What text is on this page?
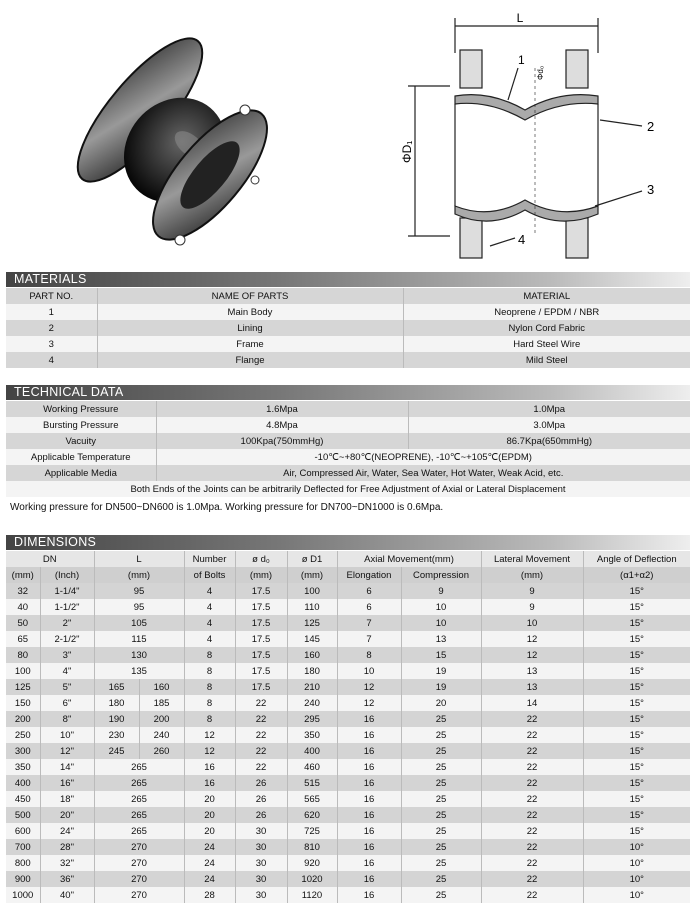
L
Φd₀
ΦD₁
1
2
3
4
MATERIALS
PART NO.	NAME OF PARTS	MATERIAL
1	Main Body	Neoprene / EPDM / NBR
2	Lining	Nylon Cord Fabric
3	Frame	Hard Steel Wire
4	Flange	Mild Steel
TECHNICAL DATA
Working Pressure	1.6Mpa	1.0Mpa
Bursting Pressure	4.8Mpa	3.0Mpa
Vacuity	100Kpa(750mmHg)	86.7Kpa(650mmHg)
Applicable Temperature	-10℃~+80℃(NEOPRENE), -10℃~+105℃(EPDM)	
Applicable Media	Air, Compressed Air, Water, Sea Water, Hot Water, Weak Acid, etc.	
Both Ends of the Joints can be arbitrarily Deflected for Free Adjustment of Axial or Lateral Displacement		
Working pressure for DN500~DN600 is 1.0Mpa. Working pressure for DN700~DN1000 is 0.6Mpa.
DIMENSIONS
DN		L		Number	ø d₀	ø D1	Axial Movement(mm)		Lateral Movement	Angle of Deflection
(mm)	(Inch)	(mm)		of Bolts	(mm)	(mm)	Elongation	Compression	(mm)	(α1+α2)
32	1-1/4"	95		4	17.5	100	6	9	9	15°
40	1-1/2"	95		4	17.5	110	6	10	9	15°
50	2"	105		4	17.5	125	7	10	10	15°
65	2-1/2"	115		4	17.5	145	7	13	12	15°
80	3"	130		8	17.5	160	8	15	12	15°
100	4"	135		8	17.5	180	10	19	13	15°
125	5"	165	160	8	17.5	210	12	19	13	15°
150	6"	180	185	8	22	240	12	20	14	15°
200	8"	190	200	8	22	295	16	25	22	15°
250	10"	230	240	12	22	350	16	25	22	15°
300	12"	245	260	12	22	400	16	25	22	15°
350	14"	265		16	22	460	16	25	22	15°
400	16"	265		16	26	515	16	25	22	15°
450	18"	265		20	26	565	16	25	22	15°
500	20"	265		20	26	620	16	25	22	15°
600	24"	265		20	30	725	16	25	22	15°
700	28"	270		24	30	810	16	25	22	10°
800	32"	270		24	30	920	16	25	22	10°
900	36"	270		24	30	1020	16	25	22	10°
1000	40"	270		28	30	1120	16	25	22	10°
